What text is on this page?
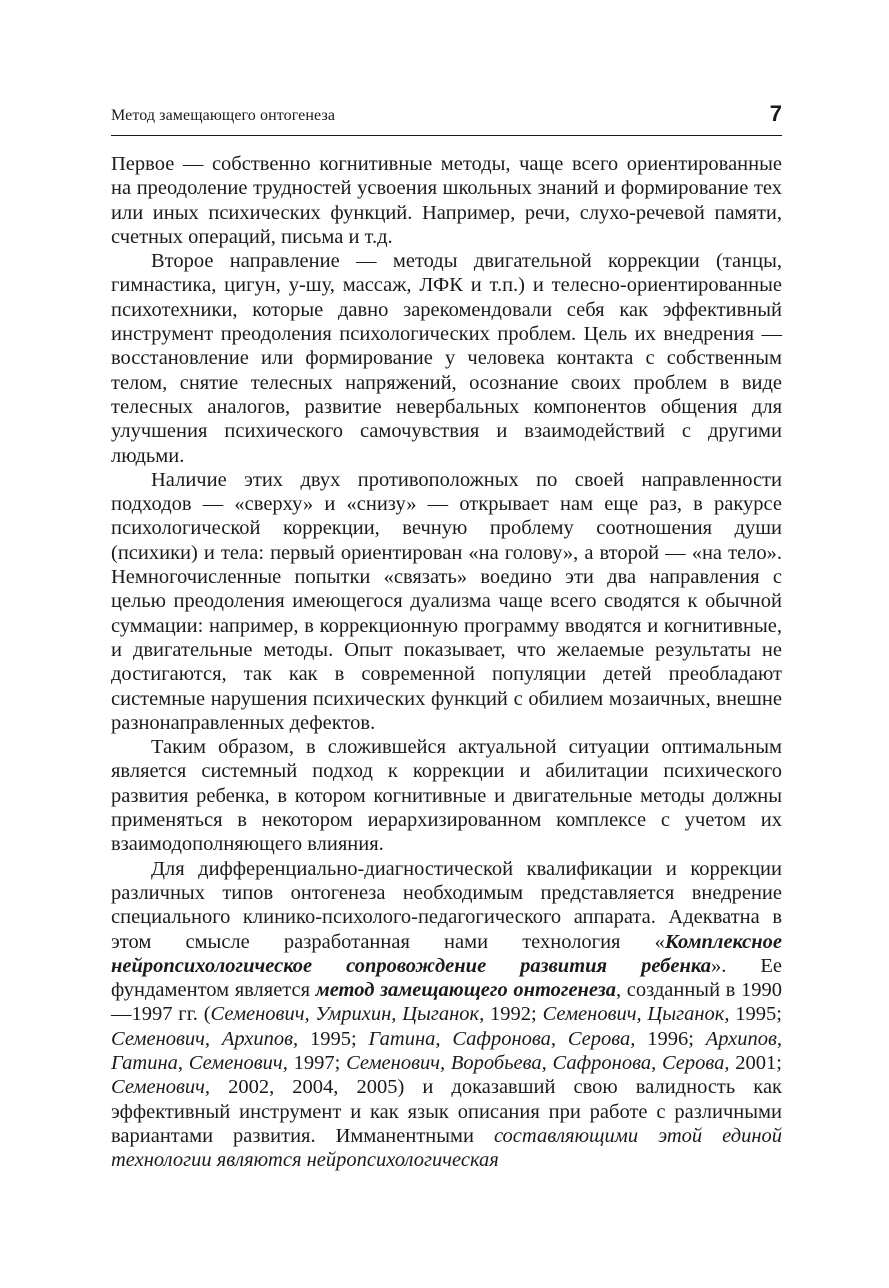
Метод замещающего онтогенеза	7

Первое — собственно когнитивные методы, чаще всего ориентированные на преодоление трудностей усвоения школьных знаний и формирование тех или иных психических функций. Например, речи, слухо-речевой памяти, счетных операций, письма и т.д.

Второе направление — методы двигательной коррекции (танцы, гимнастика, цигун, у-шу, массаж, ЛФК и т.п.) и телесно-ориентированные психотехники, которые давно зарекомендовали себя как эффективный инструмент преодоления психологических проблем. Цель их внедрения — восстановление или формирование у человека контакта с собственным телом, снятие телесных напряжений, осознание своих проблем в виде телесных аналогов, развитие невербальных компонентов общения для улучшения психического самочувствия и взаимодействий с другими людьми.

Наличие этих двух противоположных по своей направленности подходов — «сверху» и «снизу» — открывает нам еще раз, в ракурсе психологической коррекции, вечную проблему соотношения души (психики) и тела: первый ориентирован «на голову», а второй — «на тело». Немногочисленные попытки «связать» воедино эти два направления с целью преодоления имеющегося дуализма чаще всего сводятся к обычной суммации: например, в коррекционную программу вводятся и когнитивные, и двигательные методы. Опыт показывает, что желаемые результаты не достигаются, так как в современной популяции детей преобладают системные нарушения психических функций с обилием мозаичных, внешне разнонаправленных дефектов.

Таким образом, в сложившейся актуальной ситуации оптимальным является системный подход к коррекции и абилитации психического развития ребенка, в котором когнитивные и двигательные методы должны применяться в некотором иерархизированном комплексе с учетом их взаимодополняющего влияния.

Для дифференциально-диагностической квалификации и коррекции различных типов онтогенеза необходимым представляется внедрение специального клинико-психолого-педагогического аппарата. Адекватна в этом смысле разработанная нами технология «Комплексное нейропсихологическое сопровождение развития ребенка». Ее фундаментом является метод замещающего онтогенеза, созданный в 1990—1997 гг. (Семенович, Умрихин, Цыганок, 1992; Семенович, Цыганок, 1995; Семенович, Архипов, 1995; Гатина, Сафронова, Серова, 1996; Архипов, Гатина, Семенович, 1997; Семенович, Воробьева, Сафронова, Серова, 2001; Семенович, 2002, 2004, 2005) и доказавший свою валидность как эффективный инструмент и как язык описания при работе с различными вариантами развития. Имманентными составляющими этой единой технологии являются нейропсихологическая
